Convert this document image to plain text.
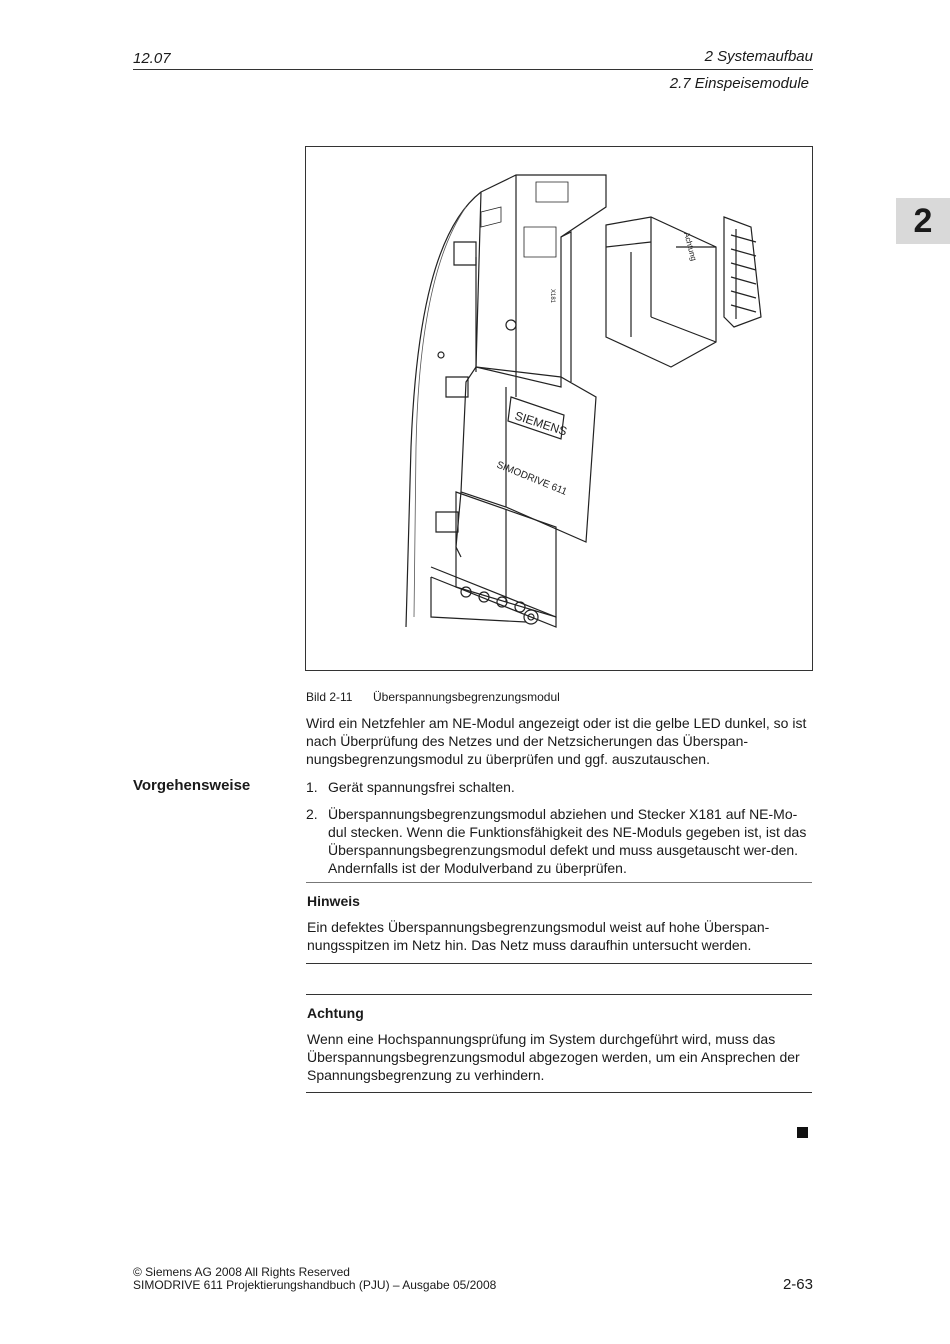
12.07	2 Systemaufbau
2.7 Einspeisemodule
2
SIEMENS
SIMODRIVE 611
X181
Achtung
Bild 2-11 Überspannungsbegrenzungsmodul
Wird ein Netzfehler am NE-Modul angezeigt oder ist die gelbe LED dunkel, so ist nach Überprüfung des Netzes und der Netzsicherungen das Überspan-nungsbegrenzungsmodul zu überprüfen und ggf. auszutauschen.
Vorgehensweise	1. Gerät spannungsfrei schalten.
2. Überspannungsbegrenzungsmodul abziehen und Stecker X181 auf NE-Mo-dul stecken. Wenn die Funktionsfähigkeit des NE-Moduls gegeben ist, ist das Überspannungsbegrenzungsmodul defekt und muss ausgetauscht wer-den. Andernfalls ist der Modulverband zu überprüfen.
Hinweis
Ein defektes Überspannungsbegrenzungsmodul weist auf hohe Überspan-nungsspitzen im Netz hin. Das Netz muss daraufhin untersucht werden.
Achtung
Wenn eine Hochspannungsprüfung im System durchgeführt wird, muss das Überspannungsbegrenzungsmodul abgezogen werden, um ein Ansprechen der Spannungsbegrenzung zu verhindern.
© Siemens AG 2008 All Rights Reserved
SIMODRIVE 611 Projektierungshandbuch (PJU) – Ausgabe 05/2008	2-63
